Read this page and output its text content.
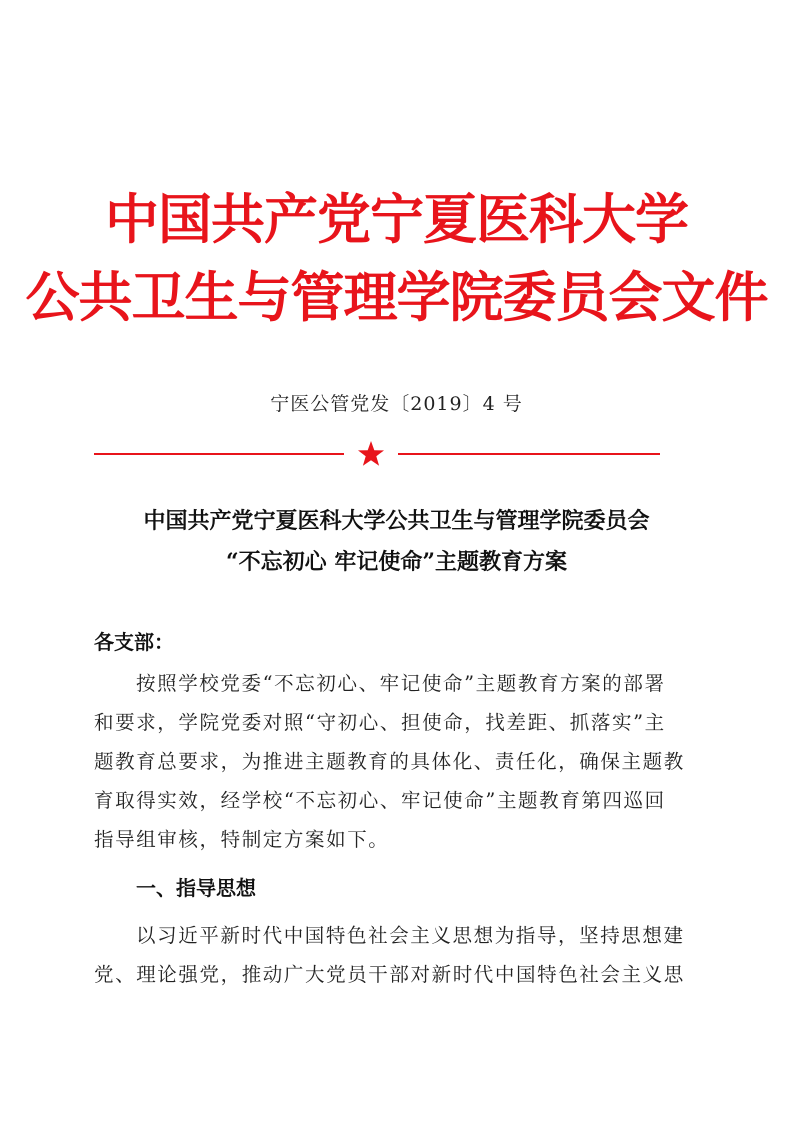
中国共产党宁夏医科大学
公共卫生与管理学院委员会文件
宁医公管党发〔2019〕4 号
中国共产党宁夏医科大学公共卫生与管理学院委员会
“不忘初心 牢记使命”主题教育方案
各支部：
按照学校党委“不忘初心、牢记使命”主题教育方案的部署
和要求，学院党委对照“守初心、担使命，找差距、抓落实”主
题教育总要求，为推进主题教育的具体化、责任化，确保主题教
育取得实效，经学校“不忘初心、牢记使命”主题教育第四巡回
指导组审核，特制定方案如下。
一、指导思想
以习近平新时代中国特色社会主义思想为指导，坚持思想建
党、理论强党，推动广大党员干部对新时代中国特色社会主义思
